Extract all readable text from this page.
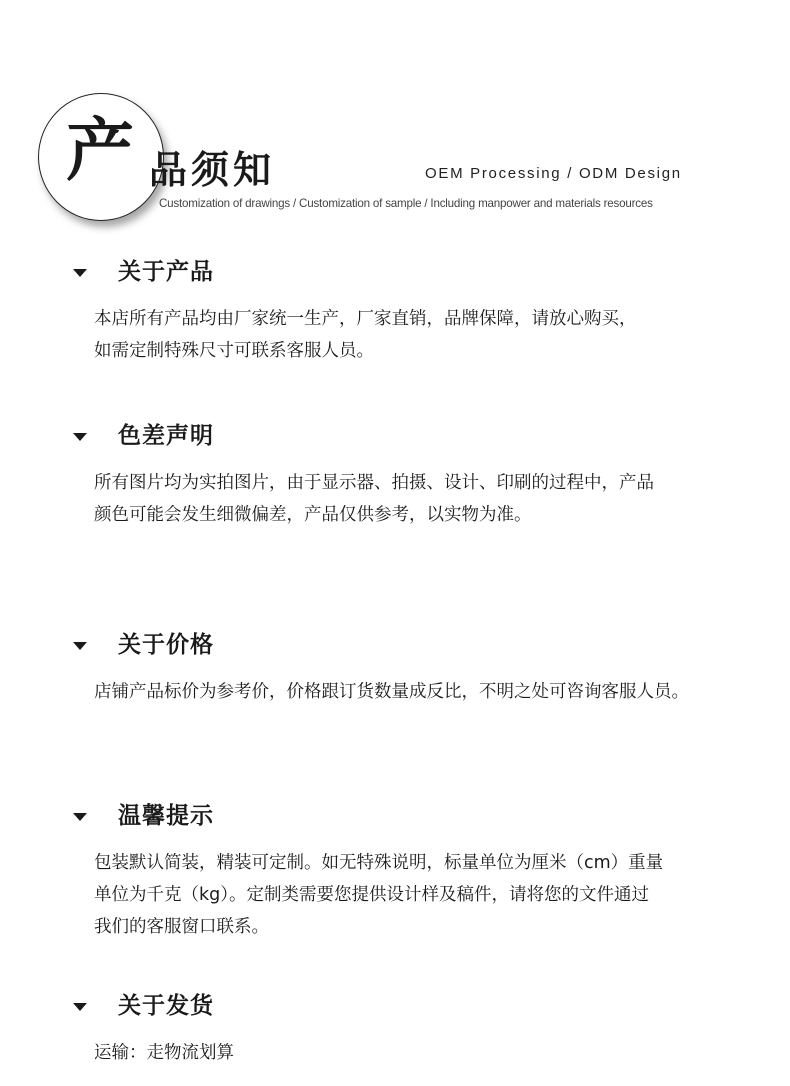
产 品须知	OEM Processing / ODM Design
Customization of drawings / Customization of sample / Including manpower and materials resources
关于产品

本店所有产品均由厂家统一生产，厂家直销，品牌保障，请放心购买，

如需定制特殊尺寸可联系客服人员。

色差声明

所有图片均为实拍图片，由于显示器、拍摄、设计、印刷的过程中，产品

颜色可能会发生细微偏差，产品仅供参考，以实物为准。

关于价格

店铺产品标价为参考价，价格跟订货数量成反比，不明之处可咨询客服人员。

温馨提示

包装默认简装，精装可定制。如无特殊说明，标量单位为厘米（cm）重量

单位为千克（kg）。定制类需要您提供设计样及稿件，请将您的文件通过

我们的客服窗口联系。

关于发货

运输：走物流划算
